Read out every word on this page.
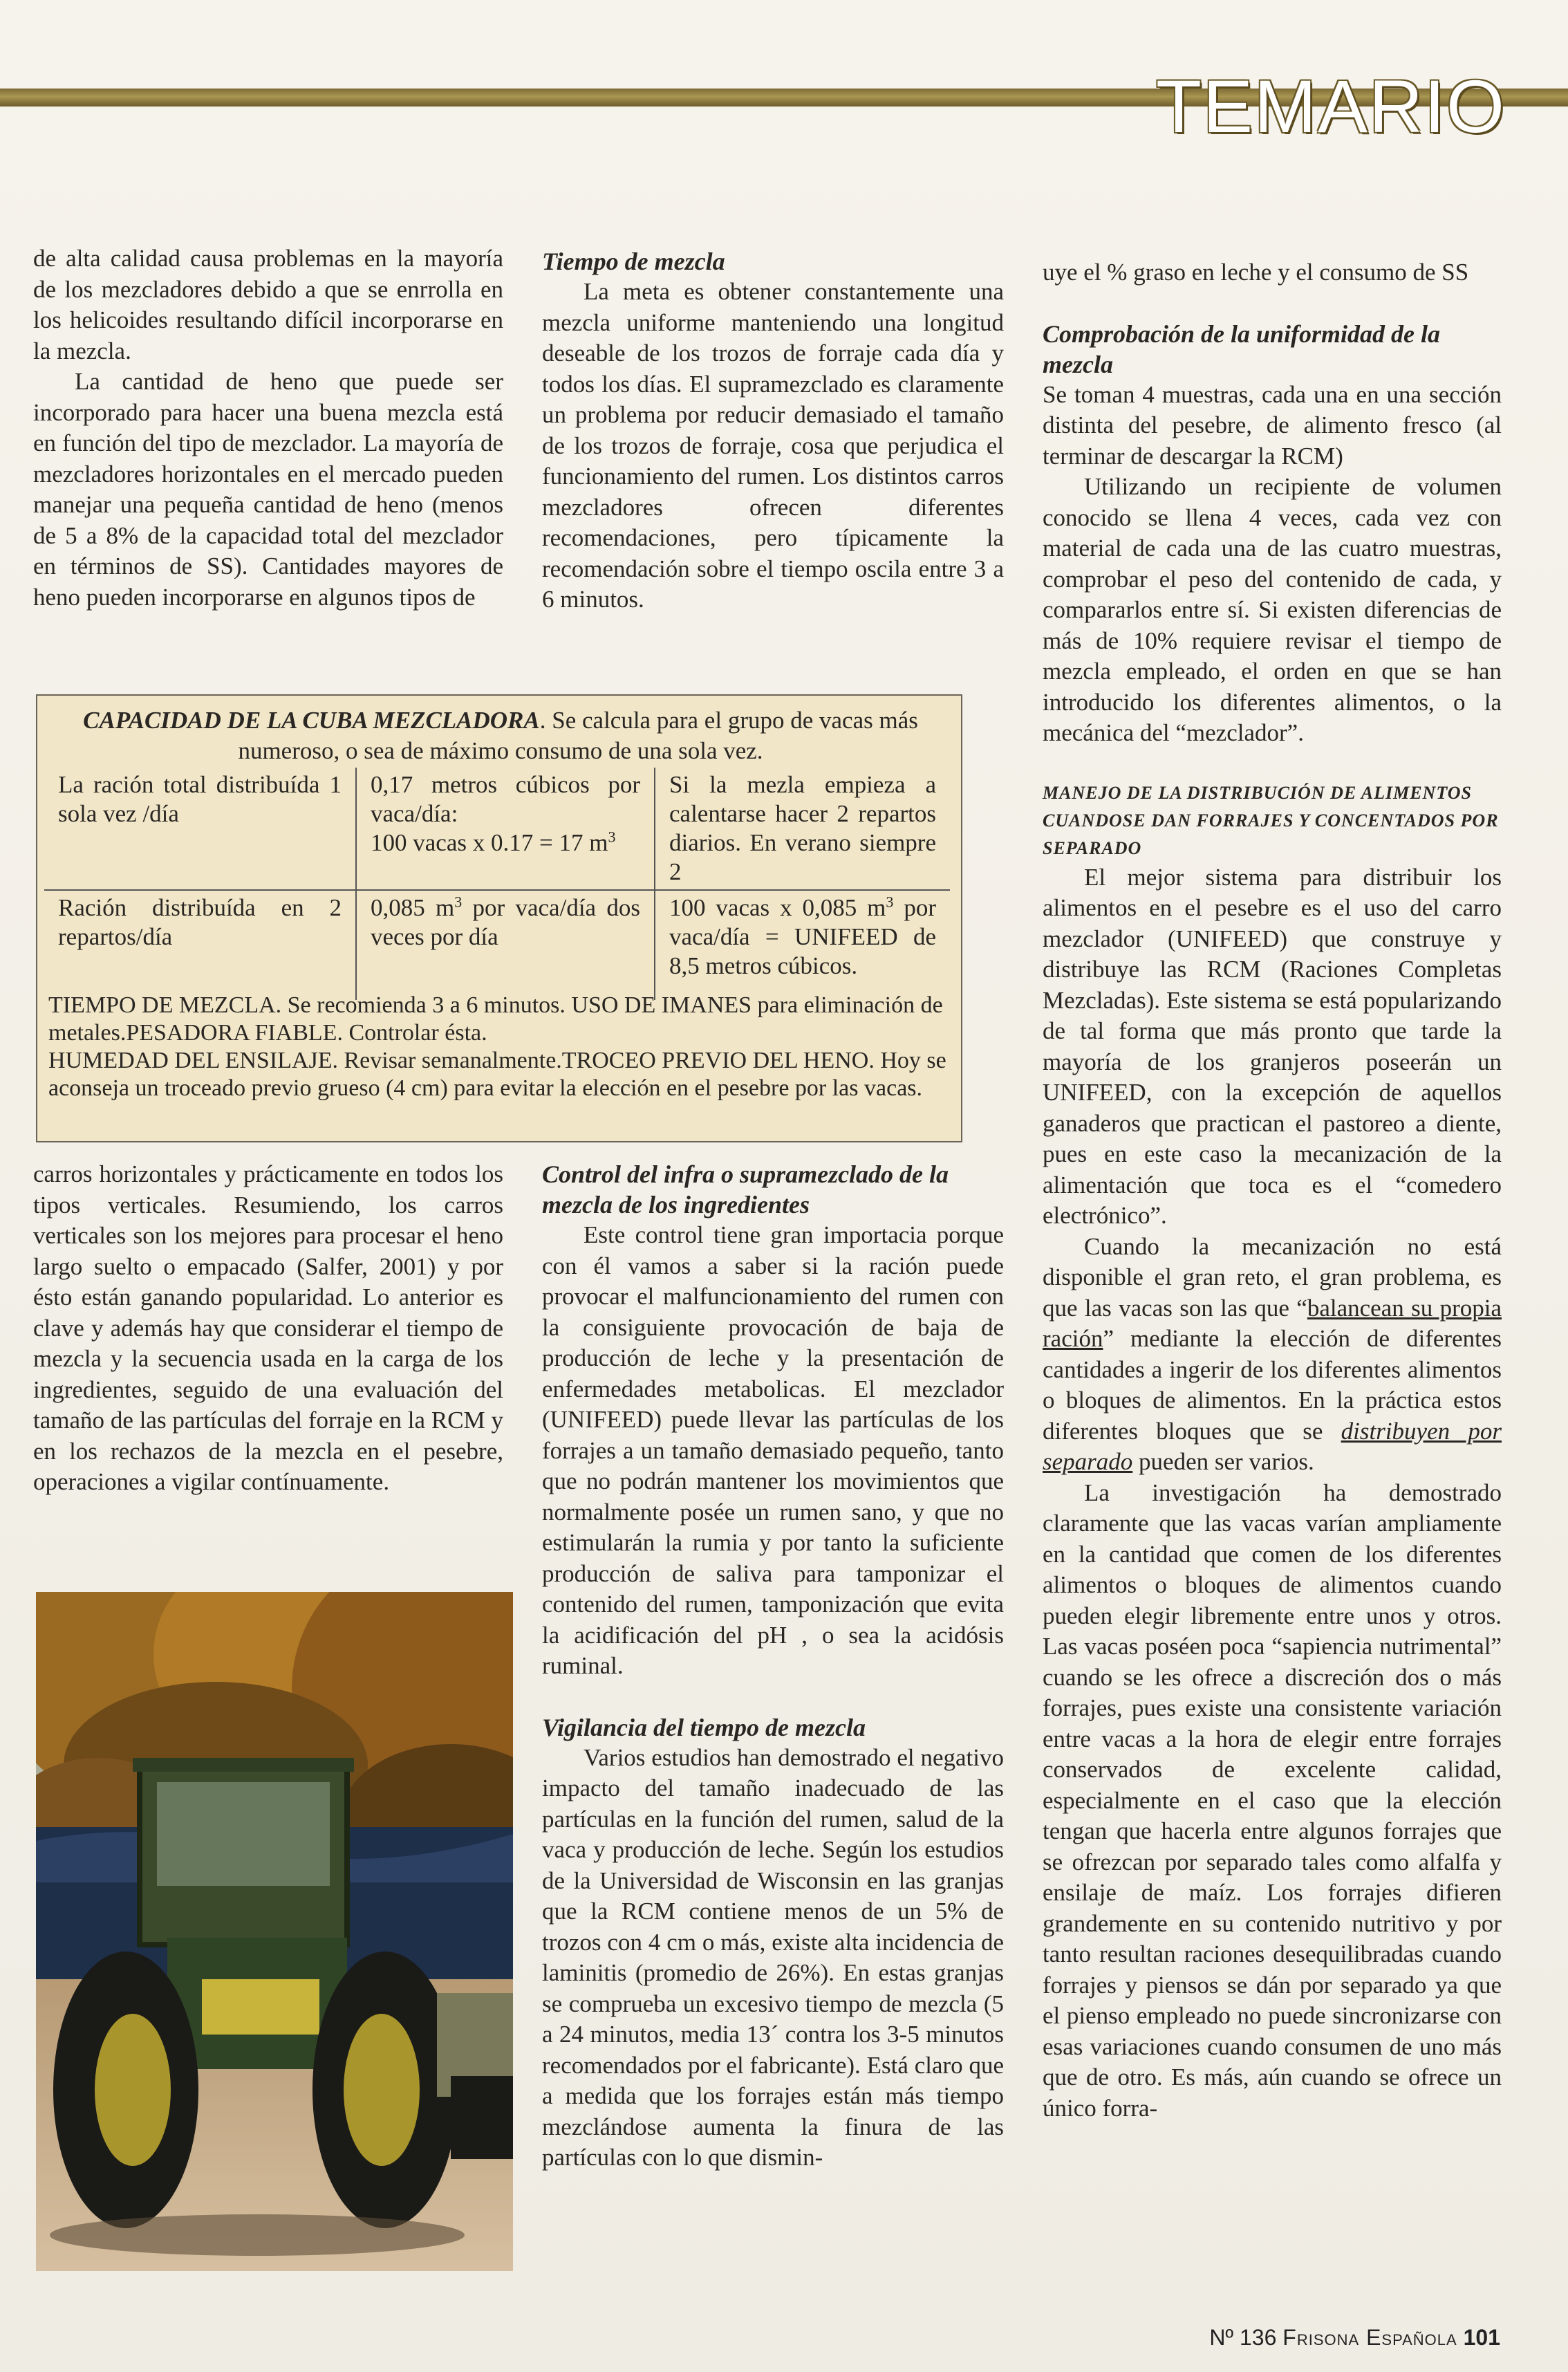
TEMARIO

de alta calidad causa problemas en la mayoría de los mezcladores debido a que se enrrolla en los helicoides resultando difícil incorporarse en la mezcla.

La cantidad de heno que puede ser incorporado para hacer una buena mezcla está en función del tipo de mezclador. La mayoría de mezcladores horizontales en el mercado pueden manejar una pequeña cantidad de heno (menos de 5 a 8% de la capacidad total del mezclador en términos de SS). Cantidades mayores de heno pueden incorporarse en algunos tipos de

Tiempo de mezcla

La meta es obtener constantemente una mezcla uniforme manteniendo una longitud deseable de los trozos de forraje cada día y todos los días. El supramezclado es claramente un problema por reducir demasiado el tamaño de los trozos de forraje, cosa que perjudica el funcionamiento del rumen. Los distintos carros mezcladores ofrecen diferentes recomendaciones, pero típicamente la recomendación sobre el tiempo oscila entre 3 a 6 minutos.

uye el % graso en leche y el consumo de SS

Comprobación de la uniformidad de la mezcla

Se toman 4 muestras, cada una en una sección distinta del pesebre, de alimento fresco (al terminar de descargar la RCM)

Utilizando un recipiente de volumen conocido se llena 4 veces, cada vez con material de cada una de las cuatro muestras, comprobar el peso del contenido de cada, y compararlos entre sí. Si existen diferencias de más de 10% requiere revisar el tiempo de mezcla empleado, el orden en que se han introducido los diferentes alimentos, o la mecánica del “mezclador”.

MANEJO DE LA DISTRIBUCIÓN DE ALIMENTOS CUANDOSE DAN FORRAJES Y CONCENTADOS POR SEPARADO

El mejor sistema para distribuir los alimentos en el pesebre es el uso del carro mezclador (UNIFEED) que construye y distribuye las RCM (Raciones Completas Mezcladas). Este sistema se está popularizando de tal forma que más pronto que tarde la mayoría de los granjeros poseerán un UNIFEED, con la excepción de aquellos ganaderos que practican el pastoreo a diente, pues en este caso la mecanización de la alimentación que toca es el “comedero electrónico”.

Cuando la mecanización no está disponible el gran reto, el gran problema, es que las vacas son las que “balancean su propia ración” mediante la elección de diferentes cantidades a ingerir de los diferentes alimentos o bloques de alimentos. En la práctica estos diferentes bloques que se distribuyen por separado pueden ser varios.

La investigación ha demostrado claramente que las vacas varían ampliamente en la cantidad que comen de los diferentes alimentos o bloques de alimentos cuando pueden elegir libremente entre unos y otros. Las vacas poséen poca “sapiencia nutrimental” cuando se les ofrece a discreción dos o más forrajes, pues existe una consistente variación entre vacas a la hora de elegir entre forrajes conservados de excelente calidad, especialmente en el caso que la elección tengan que hacerla entre algunos forrajes que se ofrezcan por separado tales como alfalfa y ensilaje de maíz. Los forrajes difieren grandemente en su contenido nutritivo y por tanto resultan raciones desequilibradas cuando forrajes y piensos se dán por separado ya que el pienso empleado no puede sincronizarse con esas variaciones cuando consumen de uno más que de otro. Es más, aún cuando se ofrece un único forra-

CAPACIDAD DE LA CUBA MEZCLADORA. Se calcula para el grupo de vacas más numeroso, o sea de máximo consumo de una sola vez.
La ración total distribuída 1 sola vez /día	0,17 metros cúbicos por vaca/día:
100 vacas x 0.17 = 17 $m^3$	Si la mezla empieza a calentarse hacer 2 repartos diarios. En verano siempre 2
Ración distribuída en 2 repartos/día	0,085 $m^3$ por vaca/día dos veces por día	100 vacas x 0,085 $m^3$ por vaca/día = UNIFEED de 8,5 metros cúbicos.

TIEMPO DE MEZCLA. Se recomienda 3 a 6 minutos. USO DE IMANES para eliminación de metales.PESADORA FIABLE. Controlar ésta.

HUMEDAD DEL ENSILAJE. Revisar semanalmente.TROCEO PREVIO DEL HENO. Hoy se aconseja un troceado previo grueso (4 cm) para evitar la elección en el pesebre por las vacas.

carros horizontales y prácticamente en todos los tipos verticales. Resumiendo, los carros verticales son los mejores para procesar el heno largo suelto o empacado (Salfer, 2001) y por ésto están ganando popularidad. Lo anterior es clave y además hay que considerar el tiempo de mezcla y la secuencia usada en la carga de los ingredientes, seguido de una evaluación del tamaño de las partículas del forraje en la RCM y en los rechazos de la mezcla en el pesebre, operaciones a vigilar contínuamente.

Control del infra o supramezclado de la mezcla de los ingredientes

Este control tiene gran importacia porque con él vamos a saber si la ración puede provocar el malfuncionamiento del rumen con la consiguiente provocación de baja de producción de leche y la presentación de enfermedades metabolicas. El mezclador (UNIFEED) puede llevar las partículas de los forrajes a un tamaño demasiado pequeño, tanto que no podrán mantener los movimientos que normalmente posée un rumen sano, y que no estimularán la rumia y por tanto la suficiente producción de saliva para tamponizar el contenido del rumen, tamponización que evita la acidificación del pH , o sea la acidósis ruminal.

Vigilancia del tiempo de mezcla

Varios estudios han demostrado el negativo impacto del tamaño inadecuado de las partículas en la función del rumen, salud de la vaca y producción de leche. Según los estudios de la Universidad de Wisconsin en las granjas que la RCM contiene menos de un 5% de trozos con 4 cm o más, existe alta incidencia de laminitis (promedio de 26%). En estas granjas se comprueba un excesivo tiempo de mezcla (5 a 24 minutos, media 13´ contra los 3-5 minutos recomendados por el fabricante). Está claro que a medida que los forrajes están más tiempo mezclándose aumenta la finura de las partículas con lo que dismin-

Nº 136 Frisona Española 101
